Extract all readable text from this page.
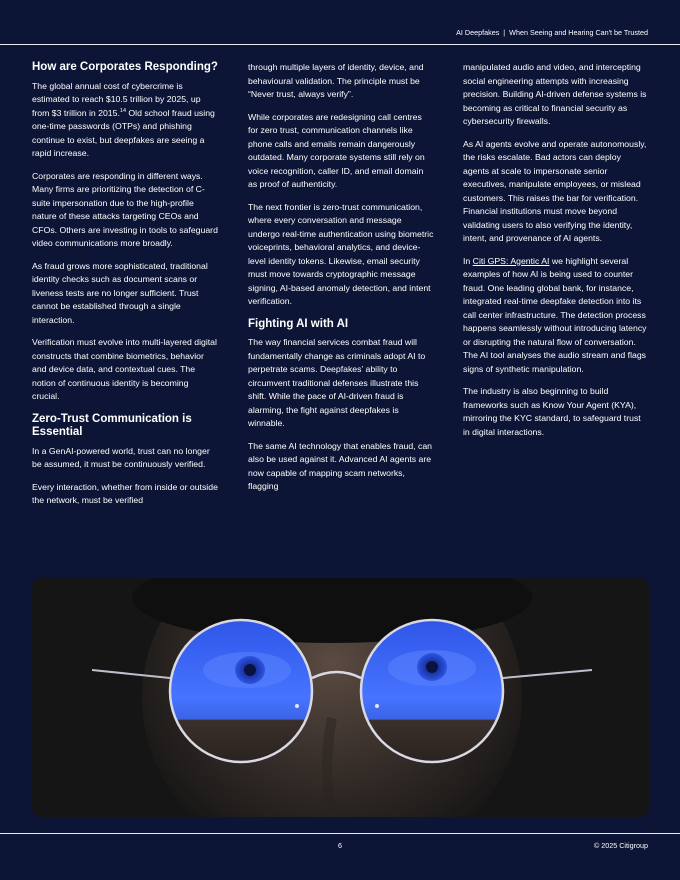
AI Deepfakes | When Seeing and Hearing Can't be Trusted
How are Corporates Responding?

The global annual cost of cybercrime is estimated to reach $10.5 trillion by 2025, up from $3 trillion in 2015.14 Old school fraud using one-time passwords (OTPs) and phishing continue to exist, but deepfakes are seeing a rapid increase.

Corporates are responding in different ways. Many firms are prioritizing the detection of C-suite impersonation due to the high-profile nature of these attacks targeting CEOs and CFOs. Others are investing in tools to safeguard video communications more broadly.

As fraud grows more sophisticated, traditional identity checks such as document scans or liveness tests are no longer sufficient. Trust cannot be established through a single interaction.

Verification must evolve into multi-layered digital constructs that combine biometrics, behavior and device data, and contextual cues. The notion of continuous identity is becoming crucial.

Zero-Trust Communication is Essential

In a GenAI-powered world, trust can no longer be assumed, it must be continuously verified.

Every interaction, whether from inside or outside the network, must be verified

through multiple layers of identity, device, and behavioural validation. The principle must be “Never trust, always verify”.

While corporates are redesigning call centres for zero trust, communication channels like phone calls and emails remain dangerously outdated. Many corporate systems still rely on voice recognition, caller ID, and email domain as proof of authenticity.

The next frontier is zero-trust communication, where every conversation and message undergo real-time authentication using biometric voiceprints, behavioral analytics, and device-level identity tokens. Likewise, email security must move towards cryptographic message signing, AI-based anomaly detection, and intent verification.

Fighting AI with AI

The way financial services combat fraud will fundamentally change as criminals adopt AI to perpetrate scams. Deepfakes’ ability to circumvent traditional defenses illustrate this shift. While the pace of AI-driven fraud is alarming, the fight against deepfakes is winnable.

The same AI technology that enables fraud, can also be used against it. Advanced AI agents are now capable of mapping scam networks, flagging

manipulated audio and video, and intercepting social engineering attempts with increasing precision. Building AI-driven defense systems is becoming as critical to financial security as cybersecurity firewalls.

As AI agents evolve and operate autonomously, the risks escalate. Bad actors can deploy agents at scale to impersonate senior executives, manipulate employees, or mislead customers. This raises the bar for verification. Financial institutions must move beyond validating users to also verifying the identity, intent, and provenance of AI agents.

In Citi GPS: Agentic AI we highlight several examples of how AI is being used to counter fraud. One leading global bank, for instance, integrated real-time deepfake detection into its call center infrastructure. The detection process happens seamlessly without introducing latency or disrupting the natural flow of conversation. The AI tool analyses the audio stream and flags signs of synthetic manipulation.

The industry is also beginning to build frameworks such as Know Your Agent (KYA), mirroring the KYC standard, to safeguard trust in digital interactions.

6	© 2025 Citigroup
